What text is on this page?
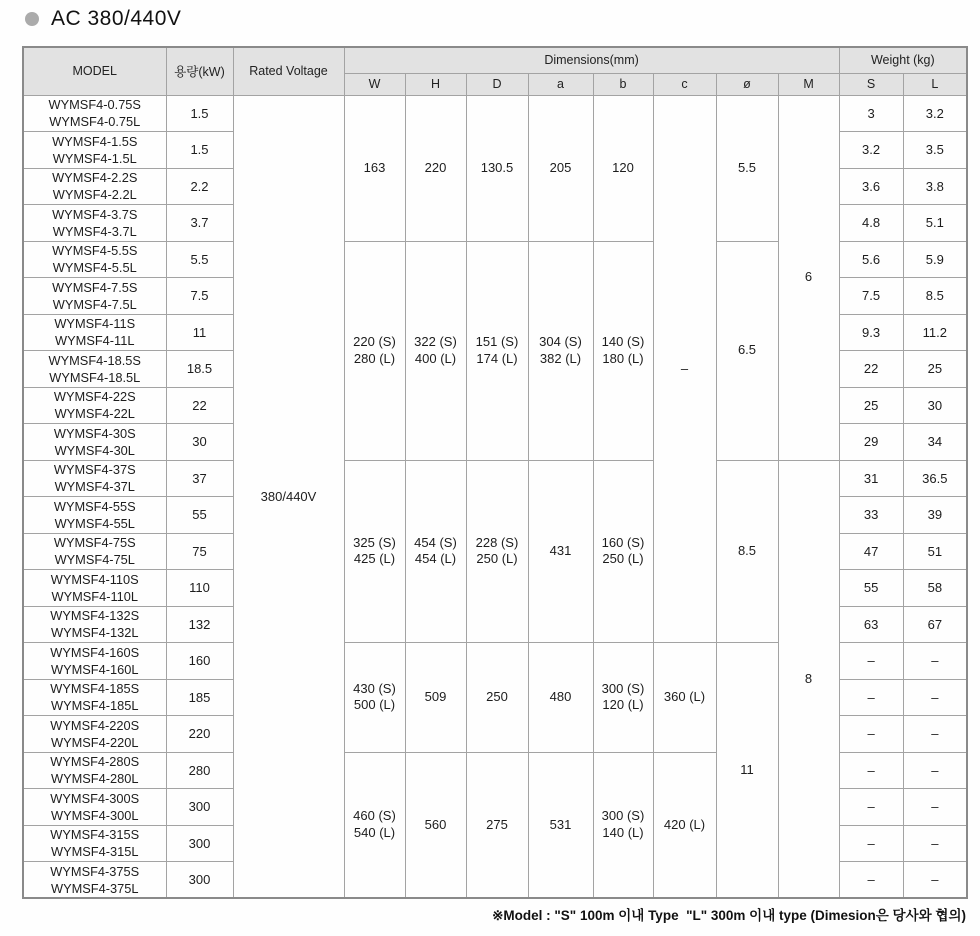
AC 380/440V
MODEL	용량(kW)	Rated Voltage	Dimensions(mm)								Weight (kg)	
			W	H	D	a	b	c	ø	M	S	L

WYMSF4-0.75S
WYMSF4-0.75L	1.5	380/440V	163	220	130.5	205	120	–	5.5	6	3	3.2

WYMSF4-1.5S
WYMSF4-1.5L	1.5										3.2	3.5

WYMSF4-2.2S
WYMSF4-2.2L	2.2										3.6	3.8

WYMSF4-3.7S
WYMSF4-3.7L	3.7										4.8	5.1

WYMSF4-5.5S
WYMSF4-5.5L	5.5		220 (S)
280 (L)	322 (S)
400 (L)	151 (S)
174 (L)	304 (S)
382 (L)	140 (S)
180 (L)		6.5		5.6	5.9

WYMSF4-7.5S
WYMSF4-7.5L	7.5										7.5	8.5

WYMSF4-11S
WYMSF4-11L	11										9.3	11.2

WYMSF4-18.5S
WYMSF4-18.5L	18.5										22	25

WYMSF4-22S
WYMSF4-22L	22										25	30

WYMSF4-30S
WYMSF4-30L	30										29	34

WYMSF4-37S
WYMSF4-37L	37		325 (S)
425 (L)	454 (S)
454 (L)	228 (S)
250 (L)	431	160 (S)
250 (L)		8.5	8	31	36.5

WYMSF4-55S
WYMSF4-55L	55										33	39

WYMSF4-75S
WYMSF4-75L	75										47	51

WYMSF4-110S
WYMSF4-110L	110										55	58

WYMSF4-132S
WYMSF4-132L	132										63	67

WYMSF4-160S
WYMSF4-160L	160		430 (S)
500 (L)	509	250	480	300 (S)
120 (L)	360 (L)	11		–	–

WYMSF4-185S
WYMSF4-185L	185										–	–

WYMSF4-220S
WYMSF4-220L	220										–	–

WYMSF4-280S
WYMSF4-280L	280		460 (S)
540 (L)	560	275	531	300 (S)
140 (L)	420 (L)			–	–

WYMSF4-300S
WYMSF4-300L	300										–	–

WYMSF4-315S
WYMSF4-315L	300										–	–

WYMSF4-375S
WYMSF4-375L	300										–	–
※Model : "S" 100m 이내 Type  "L" 300m 이내 type (Dimesion은 당사와 협의)
